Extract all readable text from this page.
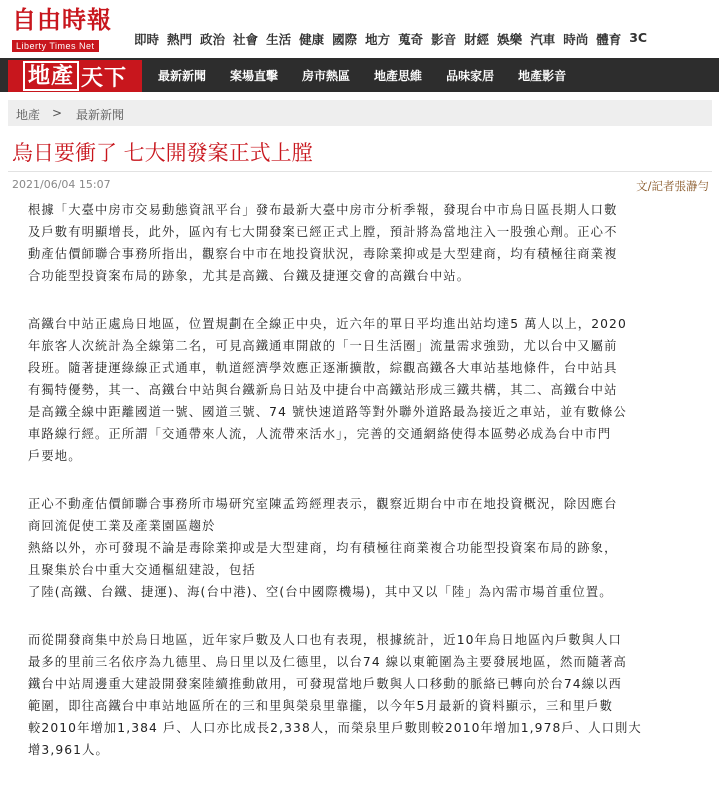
自由時報
Liberty Times Net	即時 熱門 政治 社會 生活 健康 國際 地方 蒐奇 影音 財經 娛樂 汽車 時尚 體育 3C
地產 天下	最新新聞 案場直擊 房市熱區 地產思維 品味家居 地產影音
地產 > 最新新聞
烏日要衝了 七大開發案正式上膛
2021/06/04 15:07	文/記者張瀞勻

根據「大臺中房市交易動態資訊平台」發布最新大臺中房市分析季報，發現台中市烏日區長期人口數
及戶數有明顯增長，此外，區內有七大開發案已經正式上膛，預計將為當地注入一股強心劑。正心不
動產估價師聯合事務所指出，觀察台中市在地投資狀況，毒除業抑或是大型建商，均有積極往商業複
合功能型投資案布局的跡象，尤其是高鐵、台鐵及捷運交會的高鐵台中站。

高鐵台中站正處烏日地區，位置規劃在全線正中央，近六年的單日平均進出站均達5 萬人以上，2020
年旅客人次統計為全線第二名，可見高鐵通車開啟的「一日生活圈」流量需求強勁，尤以台中又屬前
段班。隨著捷運綠線正式通車，軌道經濟學效應正逐漸擴散，綜觀高鐵各大車站基地條件，台中站具
有獨特優勢，其一、高鐵台中站與台鐵新烏日站及中捷台中高鐵站形成三鐵共構，其二、高鐵台中站
是高鐵全線中距離國道一號、國道三號、74 號快速道路等對外聯外道路最為接近之車站，並有數條公
車路線行經。正所謂「交通帶來人流，人流帶來活水」，完善的交通網絡使得本區勢必成為台中市門
戶要地。

正心不動產估價師聯合事務所市場研究室陳孟筠經理表示，觀察近期台中市在地投資概況，除因應台
商回流促使工業及產業園區趨於
熱絡以外，亦可發現不論是毒除業抑或是大型建商，均有積極往商業複合功能型投資案布局的跡象，
且聚集於台中重大交通樞紐建設，包括
了陸(高鐵、台鐵、捷運)、海(台中港)、空(台中國際機場)，其中又以「陸」為內需市場首重位置。

而從開發商集中於烏日地區，近年家戶數及人口也有表現，根據統計，近10年烏日地區內戶數與人口
最多的里前三名依序為九德里、烏日里以及仁德里，以台74 線以東範圍為主要發展地區，然而隨著高
鐵台中站周邊重大建設開發案陸續推動啟用，可發現當地戶數與人口移動的脈絡已轉向於台74線以西
範圍，即往高鐵台中車站地區所在的三和里與榮泉里靠攏，以今年5月最新的資料顯示，三和里戶數
較2010年增加1,384 戶、人口亦比成長2,338人，而榮泉里戶數則較2010年增加1,978戶、人口則大
增3,961人。
